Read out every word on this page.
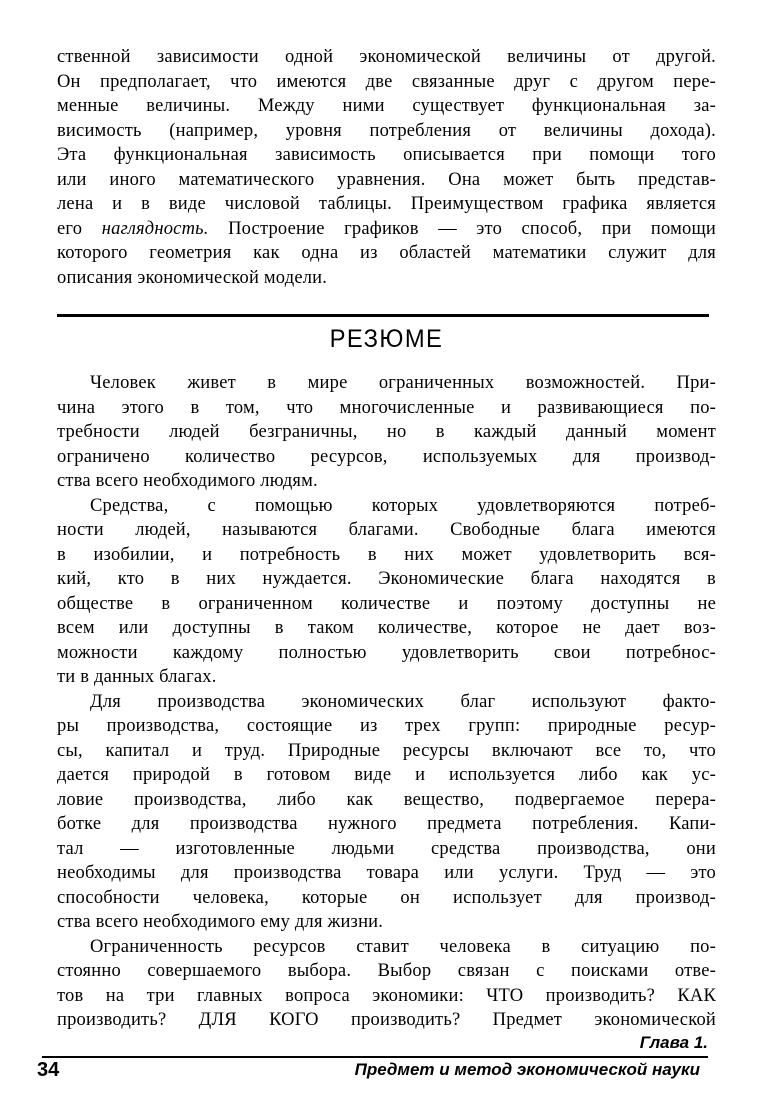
ственной зависимости одной экономической величины от другой.
Он предполагает, что имеются две связанные друг с другом пере-
менные величины. Между ними существует функциональная за-
висимость (например, уровня потребления от величины дохода).
Эта функциональная зависимость описывается при помощи того
или иного математического уравнения. Она может быть представ-
лена и в виде числовой таблицы. Преимуществом графика является
его наглядность. Построение графиков — это способ, при помощи
которого геометрия как одна из областей математики служит для
описания экономической модели.
РЕЗЮМЕ
Человек живет в мире ограниченных возможностей. При-
чина этого в том, что многочисленные и развивающиеся по-
требности людей безграничны, но в каждый данный момент
ограничено количество ресурсов, используемых для производ-
ства всего необходимого людям.
Средства, с помощью которых удовлетворяются потреб-
ности людей, называются благами. Свободные блага имеются
в изобилии, и потребность в них может удовлетворить вся-
кий, кто в них нуждается. Экономические блага находятся в
обществе в ограниченном количестве и поэтому доступны не
всем или доступны в таком количестве, которое не дает воз-
можности каждому полностью удовлетворить свои потребнос-
ти в данных благах.
Для производства экономических благ используют факто-
ры производства, состоящие из трех групп: природные ресур-
сы, капитал и труд. Природные ресурсы включают все то, что
дается природой в готовом виде и используется либо как ус-
ловие производства, либо как вещество, подвергаемое перера-
ботке для производства нужного предмета потребления. Капи-
тал — изготовленные людьми средства производства, они
необходимы для производства товара или услуги. Труд — это
способности человека, которые он использует для производ-
ства всего необходимого ему для жизни.
Ограниченность ресурсов ставит человека в ситуацию по-
стоянно совершаемого выбора. Выбор связан с поисками отве-
тов на три главных вопроса экономики: ЧТО производить? КАК
производить? ДЛЯ КОГО производить? Предмет экономической
Глава 1.
34	Предмет и метод экономической науки
